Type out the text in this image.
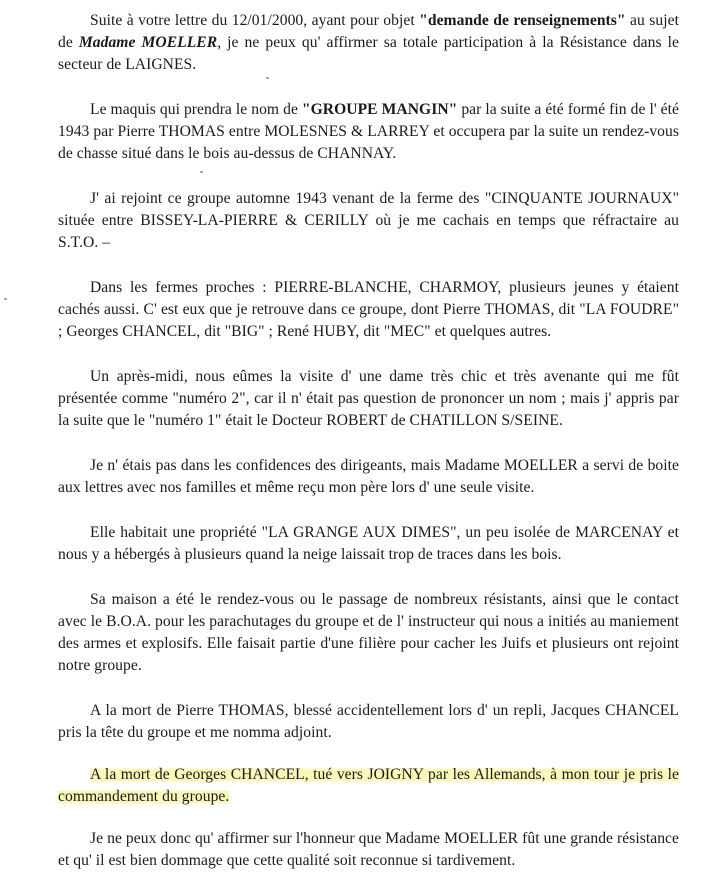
Suite à votre lettre du 12/01/2000, ayant pour objet "demande de renseignements" au sujet de Madame MOELLER, je ne peux qu' affirmer sa totale participation à la Résistance dans le secteur de LAIGNES.

Le maquis qui prendra le nom de "GROUPE MANGIN" par la suite a été formé fin de l' été 1943 par Pierre THOMAS entre MOLESNES & LARREY et occupera par la suite un rendez-vous de chasse situé dans le bois au-dessus de CHANNAY.

J' ai rejoint ce groupe automne 1943 venant de la ferme des "CINQUANTE JOURNAUX" située entre BISSEY-LA-PIERRE & CERILLY où je me cachais en temps que réfractaire au S.T.O. –

Dans les fermes proches : PIERRE-BLANCHE, CHARMOY, plusieurs jeunes y étaient cachés aussi. C' est eux que je retrouve dans ce groupe, dont Pierre THOMAS, dit "LA FOUDRE" ; Georges CHANCEL, dit "BIG" ; René HUBY, dit "MEC" et quelques autres.

Un après-midi, nous eûmes la visite d' une dame très chic et très avenante qui me fût présentée comme "numéro 2", car il n' était pas question de prononcer un nom ; mais j' appris par la suite que le "numéro 1" était le Docteur ROBERT de CHATILLON S/SEINE.

Je n' étais pas dans les confidences des dirigeants, mais Madame MOELLER a servi de boite aux lettres avec nos familles et même reçu mon père lors d' une seule visite.

Elle habitait une propriété "LA GRANGE AUX DIMES", un peu isolée de MARCENAY et nous y a hébergés à plusieurs quand la neige laissait trop de traces dans les bois.

Sa maison a été le rendez-vous ou le passage de nombreux résistants, ainsi que le contact avec le B.O.A. pour les parachutages du groupe et de l' instructeur qui nous a initiés au maniement des armes et explosifs. Elle faisait partie d'une filière pour cacher les Juifs et plusieurs ont rejoint notre groupe.

A la mort de Pierre THOMAS, blessé accidentellement lors d' un repli, Jacques CHANCEL pris la tête du groupe et me nomma adjoint.

A la mort de Georges CHANCEL, tué vers JOIGNY par les Allemands, à mon tour je pris le commandement du groupe.

Je ne peux donc qu' affirmer sur l'honneur que Madame MOELLER fût une grande résistance et qu' il est bien dommage que cette qualité soit reconnue si tardivement.
